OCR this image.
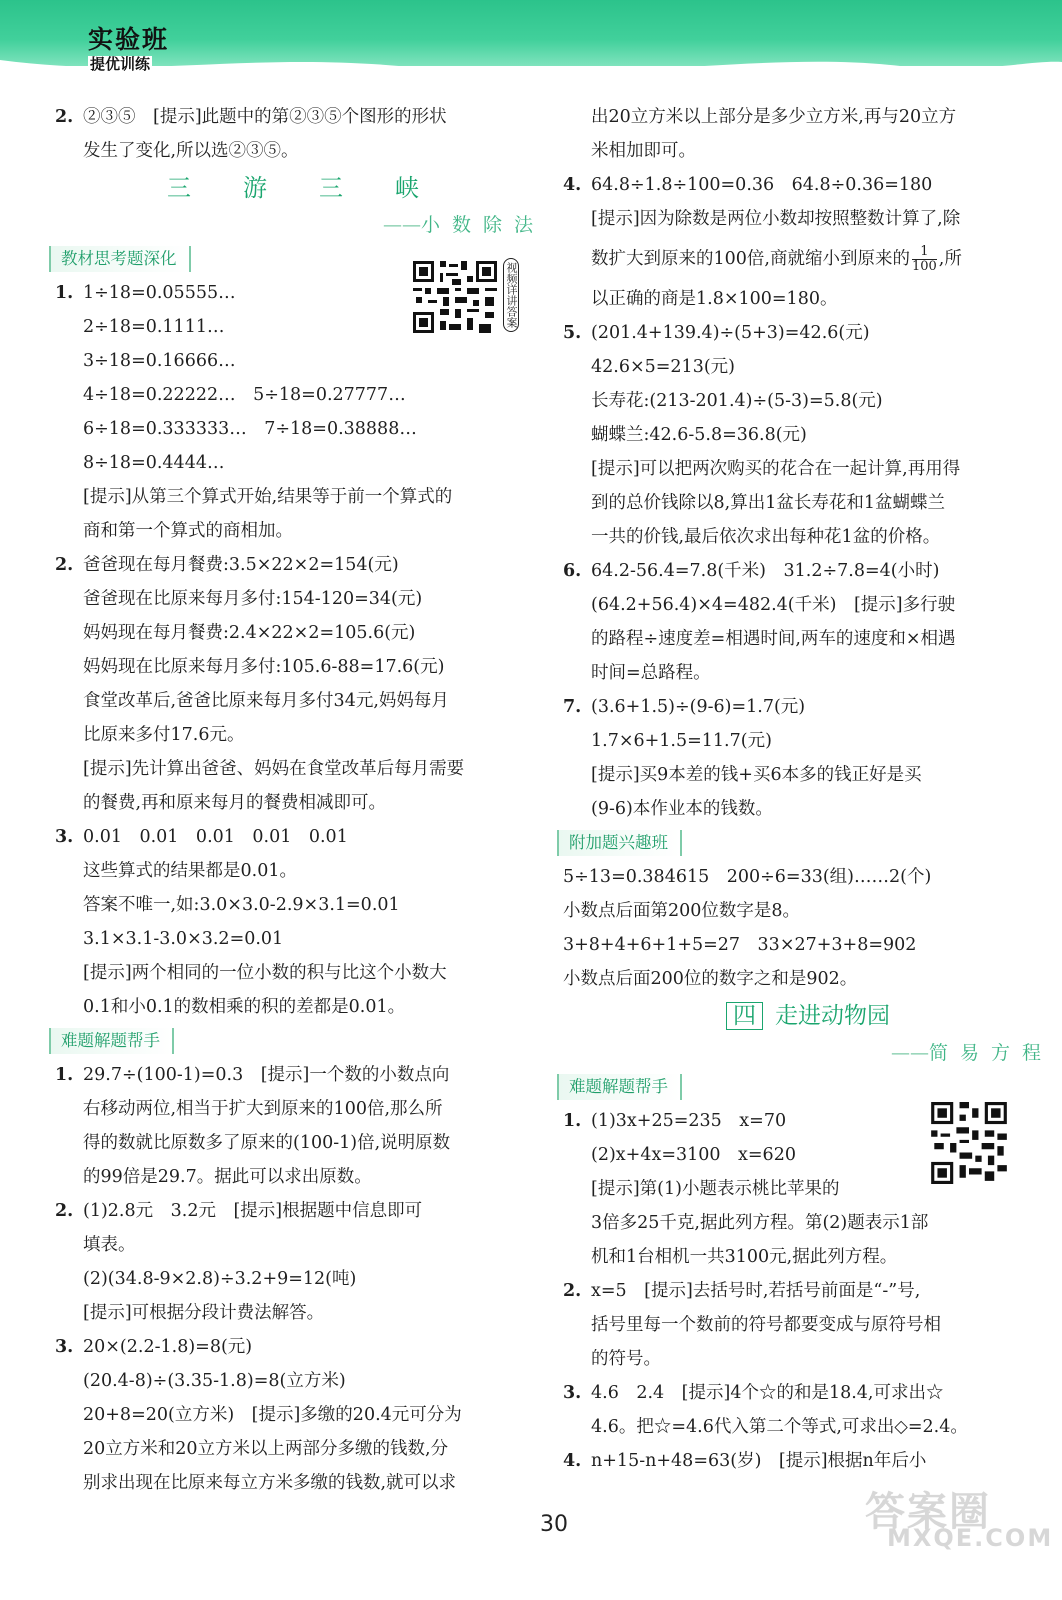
实验班
提优训练
2. ②③⑤　[提示]此题中的第②③⑤个图形的形状
发生了变化,所以选②③⑤。
三　游　三　峡
——小数除法
教材思考题深化
1. 1÷18=0.05555…
2÷18=0.1111…
3÷18=0.16666…
4÷18=0.22222…　5÷18=0.27777…
6÷18=0.333333…　7÷18=0.38888…
8÷18=0.4444…
[提示]从第三个算式开始,结果等于前一个算式的
商和第一个算式的商相加。
2. 爸爸现在每月餐费:3.5×22×2=154(元)
爸爸现在比原来每月多付:154-120=34(元)
妈妈现在每月餐费:2.4×22×2=105.6(元)
妈妈现在比原来每月多付:105.6-88=17.6(元)
食堂改革后,爸爸比原来每月多付34元,妈妈每月
比原来多付17.6元。
[提示]先计算出爸爸、妈妈在食堂改革后每月需要
的餐费,再和原来每月的餐费相减即可。
3. 0.01　0.01　0.01　0.01　0.01
这些算式的结果都是0.01。
答案不唯一,如:3.0×3.0-2.9×3.1=0.01
3.1×3.1-3.0×3.2=0.01
[提示]两个相同的一位小数的积与比这个小数大
0.1和小0.1的数相乘的积的差都是0.01。
难题解题帮手
1. 29.7÷(100-1)=0.3　[提示]一个数的小数点向
右移动两位,相当于扩大到原来的100倍,那么所
得的数就比原数多了原来的(100-1)倍,说明原数
的99倍是29.7。据此可以求出原数。
2. (1)2.8元　3.2元　[提示]根据题中信息即可
填表。
(2)(34.8-9×2.8)÷3.2+9=12(吨)
[提示]可根据分段计费法解答。
3. 20×(2.2-1.8)=8(元)
(20.4-8)÷(3.35-1.8)=8(立方米)
20+8=20(立方米)　[提示]多缴的20.4元可分为
20立方米和20立方米以上两部分多缴的钱数,分
别求出现在比原来每立方米多缴的钱数,就可以求
视频详讲答案
出20立方米以上部分是多少立方米,再与20立方
米相加即可。
4. 64.8÷1.8÷100=0.36　64.8÷0.36=180
[提示]因为除数是两位小数却按照整数计算了,除
数扩大到原来的100倍,商就缩小到原来的 $\frac{1}{100}$ ,所
以正确的商是1.8×100=180。
5. (201.4+139.4)÷(5+3)=42.6(元)
42.6×5=213(元)
长寿花:(213-201.4)÷(5-3)=5.8(元)
蝴蝶兰:42.6-5.8=36.8(元)
[提示]可以把两次购买的花合在一起计算,再用得
到的总价钱除以8,算出1盆长寿花和1盆蝴蝶兰
一共的价钱,最后依次求出每种花1盆的价格。
6. 64.2-56.4=7.8(千米)　31.2÷7.8=4(小时)
(64.2+56.4)×4=482.4(千米)　[提示]多行驶
的路程÷速度差=相遇时间,两车的速度和×相遇
时间=总路程。
7. (3.6+1.5)÷(9-6)=1.7(元)
1.7×6+1.5=11.7(元)
[提示]买9本差的钱+买6本多的钱正好是买
(9-6)本作业本的钱数。
附加题兴趣班
5÷13=0.384615　200÷6=33(组)……2(个)
小数点后面第200位数字是8。
3+8+4+6+1+5=27　33×27+3+8=902
小数点后面200位的数字之和是902。
四 走进动物园
——简易方程
难题解题帮手
1. (1)3x+25=235　x=70
(2)x+4x=3100　x=620
[提示]第(1)小题表示桃比苹果的
3倍多25千克,据此列方程。第(2)题表示1部
机和1台相机一共3100元,据此列方程。
2. x=5　[提示]去括号时,若括号前面是“-”号,
括号里每一个数前的符号都要变成与原符号相
的符号。
3. 4.6　2.4　[提示]4个☆的和是18.4,可求出☆
4.6。把☆=4.6代入第二个等式,可求出◇=2.4。
4. n+15-n+48=63(岁)　[提示]根据n年后小
30	答案圈
MXQE.COM
